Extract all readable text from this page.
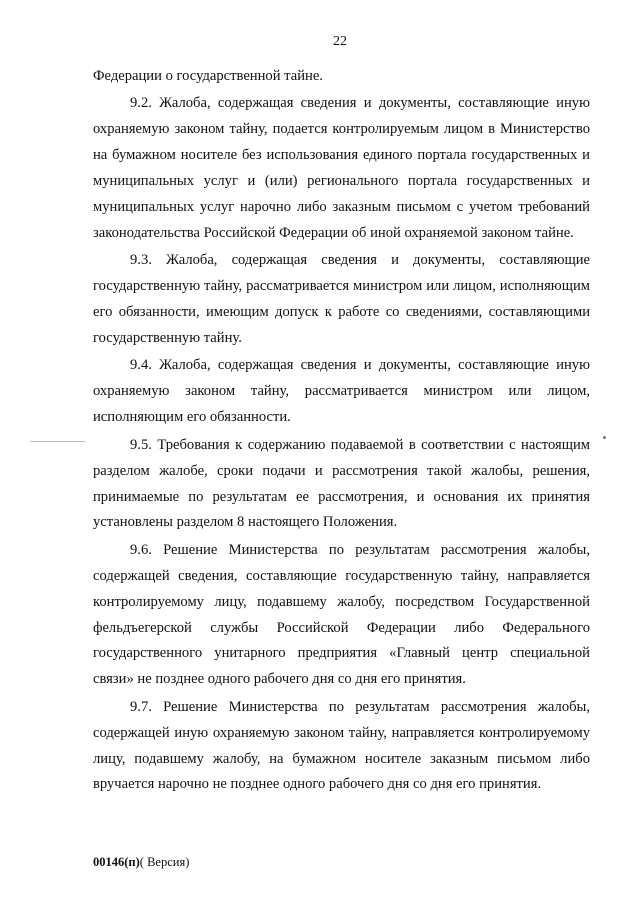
22

Федерации о государственной тайне.

9.2. Жалоба, содержащая сведения и документы, составляющие иную охраняемую законом тайну, подается контролируемым лицом в Министерство на бумажном носителе без использования единого портала государственных и муниципальных услуг и (или) регионального портала государственных и муниципальных услуг нарочно либо заказным письмом с учетом требований законодательства Российской Федерации об иной охраняемой законом тайне.

9.3. Жалоба, содержащая сведения и документы, составляющие государственную тайну, рассматривается министром или лицом, исполняющим его обязанности, имеющим допуск к работе со сведениями, составляющими государственную тайну.

9.4. Жалоба, содержащая сведения и документы, составляющие иную охраняемую законом тайну, рассматривается министром или лицом, исполняющим его обязанности.

9.5. Требования к содержанию подаваемой в соответствии с настоящим разделом жалобе, сроки подачи и рассмотрения такой жалобы, решения, принимаемые по результатам ее рассмотрения, и основания их принятия установлены разделом 8 настоящего Положения.

9.6. Решение Министерства по результатам рассмотрения жалобы, содержащей сведения, составляющие государственную тайну, направляется контролируемому лицу, подавшему жалобу, посредством Государственной фельдъегерской службы Российской Федерации либо Федерального государственного унитарного предприятия «Главный центр специальной связи» не позднее одного рабочего дня со дня его принятия.

9.7. Решение Министерства по результатам рассмотрения жалобы, содержащей иную охраняемую законом тайну, направляется контролируемому лицу, подавшему жалобу, на бумажном носителе заказным письмом либо вручается нарочно не позднее одного рабочего дня со дня его принятия.

00146(п)( Версия)
